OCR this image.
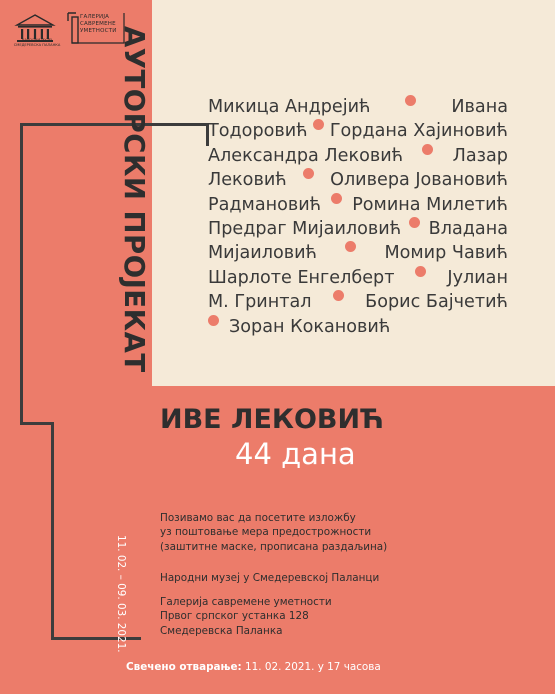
НАРОДНИ МУЗЕЈ СМЕДЕРЕВСКА ПАЛАНКА
ГАЛЕРИЈА
САВРЕМЕНЕ
УМЕТНОСТИ АУТОРСКИ ПРОЈЕКАТ	Микица Андрејић	Ивана
Тодоровић Гордана Хајиновић
Александра Лековић	Лазар
Лековић Оливера Јовановић
Радмановић Ромина Милетић
Предраг Мијаиловић Владана
Мијаиловић	Момир Чавић
Шарлоте Енгелберт	Јулиан
М. Гринтал	Борис Бајчетић
Зоран Кокановић
ИВЕ ЛЕКОВИЋ
44 дана
Позивамо вас да посетите изложбу
уз поштовање мера предострожности
(заштитне маске, прописана раздаљина)
Народни музеј у Смедеревској Паланци
Галерија савремене уметности
Првог српског устанка 128
Смедеревска Паланка
11. 02. – 09. 03. 2021.
Свечено отварање: 11. 02. 2021. у 17 часова
